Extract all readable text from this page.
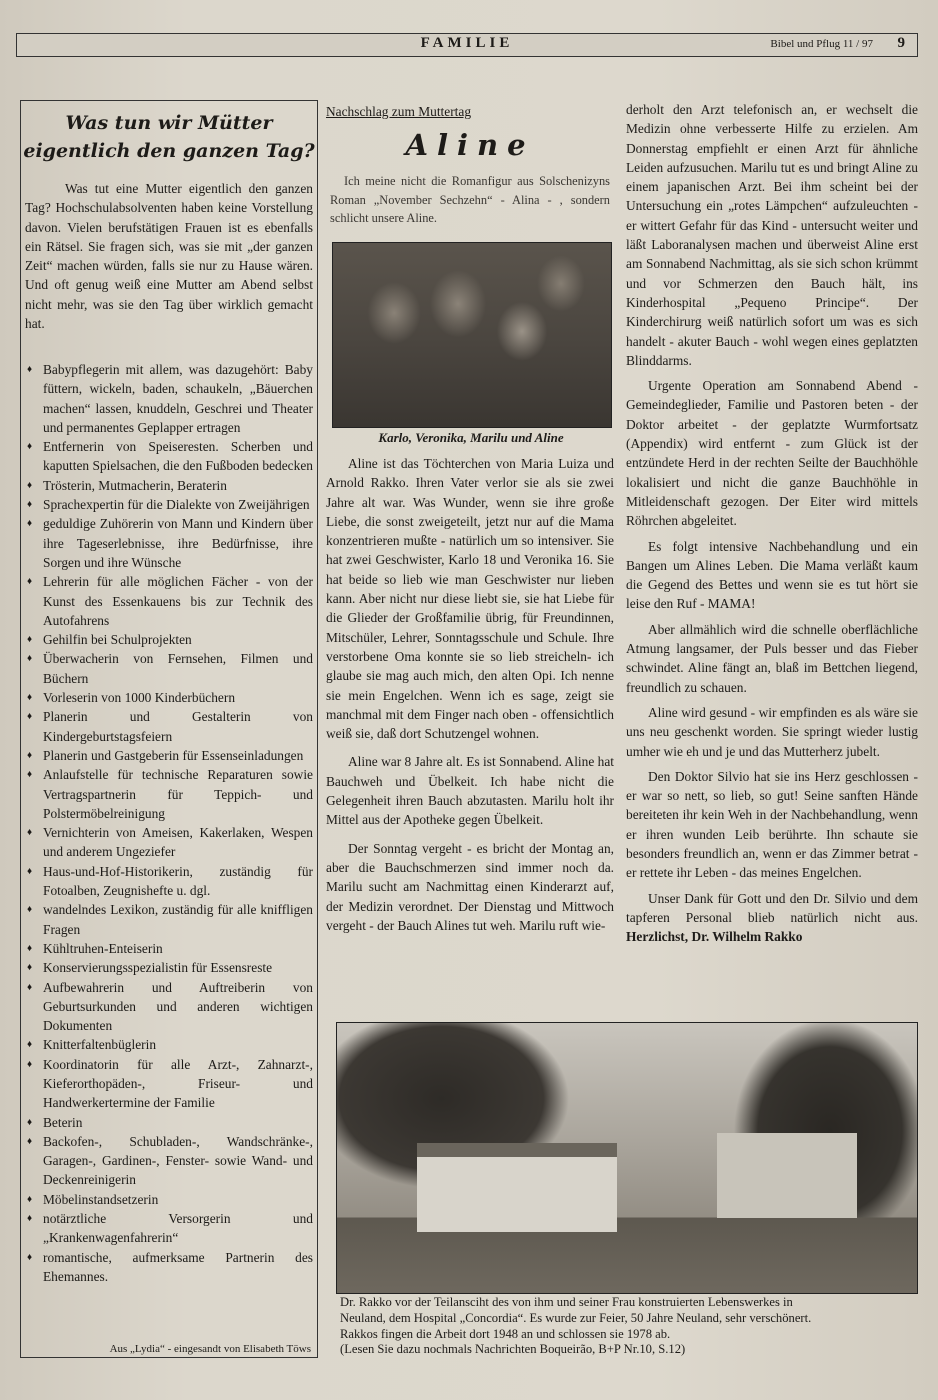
FAMILIE	Bibel und Pflug 11 / 97 9
Was tun wir Mütter
eigentlich den ganzen Tag?

Was tut eine Mutter eigentlich den ganzen Tag? Hochschulabsolventen haben keine Vorstellung davon. Vielen berufstätigen Frauen ist es ebenfalls ein Rätsel. Sie fragen sich, was sie mit „der ganzen Zeit“ machen würden, falls sie nur zu Hause wären. Und oft genug weiß eine Mutter am Abend selbst nicht mehr, was sie den Tag über wirklich gemacht hat.

♦ Babypflegerin mit allem, was dazugehört: Baby füttern, wickeln, baden, schaukeln, „Bäuerchen machen“ lassen, knuddeln, Geschrei und Theater und permanentes Geplapper ertragen
♦ Entfernerin von Speiseresten. Scherben und kaputten Spielsachen, die den Fußboden bedecken
♦ Trösterin, Mutmacherin, Beraterin
♦ Sprachexpertin für die Dialekte von Zweijährigen
♦ geduldige Zuhörerin von Mann und Kindern über ihre Tageserlebnisse, ihre Bedürfnisse, ihre Sorgen und ihre Wünsche
♦ Lehrerin für alle möglichen Fächer - von der Kunst des Essenkauens bis zur Technik des Autofahrens
♦ Gehilfin bei Schulprojekten
♦ Überwacherin von Fernsehen, Filmen und Büchern
♦ Vorleserin von 1000 Kinderbüchern
♦ Planerin und Gestalterin von Kindergeburtstagsfeiern
♦ Planerin und Gastgeberin für Essenseinladungen
♦ Anlaufstelle für technische Reparaturen sowie Vertragspartnerin für Teppich- und Polstermöbelreinigung
♦ Vernichterin von Ameisen, Kakerlaken, Wespen und anderem Ungeziefer
♦ Haus-und-Hof-Historikerin, zuständig für Fotoalben, Zeugnishefte u. dgl.
♦ wandelndes Lexikon, zuständig für alle kniffligen Fragen
♦ Kühltruhen-Enteiserin
♦ Konservierungsspezialistin für Essensreste
♦ Aufbewahrerin und Auftreiberin von Geburtsurkunden und anderen wichtigen Dokumenten
♦ Knitterfaltenbüglerin
♦ Koordinatorin für alle Arzt-, Zahnarzt-, Kieferorthopäden-, Friseur- und Handwerkertermine der Familie
♦ Beterin
♦ Backofen-, Schubladen-, Wandschränke-, Garagen-, Gardinen-, Fenster- sowie Wand- und Deckenreinigerin
♦ Möbelinstandsetzerin
♦ notärztliche Versorgerin und „Krankenwagenfahrerin“
♦ romantische, aufmerksame Partnerin des Ehemannes.
Aus „Lydia“ - eingesandt von Elisabeth Töws
Nachschlag zum Muttertag
Aline
Ich meine nicht die Romanfigur aus Solschenizyns Roman „November Sechzehn“ - Alina - , sondern schlicht unsere Aline.
Karlo, Veronika, Marilu und Aline

Aline ist das Töchterchen von Maria Luiza und Arnold Rakko. Ihren Vater verlor sie als sie zwei Jahre alt war. Was Wunder, wenn sie ihre große Liebe, die sonst zweigeteilt, jetzt nur auf die Mama konzentrieren mußte - natürlich um so intensiver. Sie hat zwei Geschwister, Karlo 18 und Veronika 16. Sie hat beide so lieb wie man Geschwister nur lieben kann. Aber nicht nur diese liebt sie, sie hat Liebe für die Glieder der Großfamilie übrig, für Freundinnen, Mitschüler, Lehrer, Sonntagsschule und Schule. Ihre verstorbene Oma konnte sie so lieb streicheln- ich glaube sie mag auch mich, den alten Opi. Ich nenne sie mein Engelchen. Wenn ich es sage, zeigt sie manchmal mit dem Finger nach oben - offensichtlich weiß sie, daß dort Schutzengel wohnen.

Aline war 8 Jahre alt. Es ist Sonnabend. Aline hat Bauchweh und Übelkeit. Ich habe nicht die Gelegenheit ihren Bauch abzutasten. Marilu holt ihr Mittel aus der Apotheke gegen Übelkeit.

Der Sonntag vergeht - es bricht der Montag an, aber die Bauchschmerzen sind immer noch da. Marilu sucht am Nachmittag einen Kinderarzt auf, der Medizin verordnet. Der Dienstag und Mittwoch vergeht - der Bauch Alines tut weh. Marilu ruft wie-

derholt den Arzt telefonisch an, er wechselt die Medizin ohne verbesserte Hilfe zu erzielen. Am Donnerstag empfiehlt er einen Arzt für ähnliche Leiden aufzusuchen. Marilu tut es und bringt Aline zu einem japanischen Arzt. Bei ihm scheint bei der Untersuchung ein „rotes Lämpchen“ aufzuleuchten - er wittert Gefahr für das Kind - untersucht weiter und läßt Laboranalysen machen und überweist Aline erst am Sonnabend Nachmittag, als sie sich schon krümmt und vor Schmerzen den Bauch hält, ins Kinderhospital „Pequeno Principe“. Der Kinderchirurg weiß natürlich sofort um was es sich handelt - akuter Bauch - wohl wegen eines geplatzten Blinddarms.

Urgente Operation am Sonnabend Abend - Gemeindeglieder, Familie und Pastoren beten - der Doktor arbeitet - der geplatzte Wurmfortsatz (Appendix) wird entfernt - zum Glück ist der entzündete Herd in der rechten Seilte der Bauchhöhle lokalisiert und nicht die ganze Bauchhöhle in Mitleidenschaft gezogen. Der Eiter wird mittels Röhrchen abgeleitet.

Es folgt intensive Nachbehandlung und ein Bangen um Alines Leben. Die Mama verläßt kaum die Gegend des Bettes und wenn sie es tut hört sie leise den Ruf - MAMA!

Aber allmählich wird die schnelle oberflächliche Atmung langsamer, der Puls besser und das Fieber schwindet. Aline fängt an, blaß im Bettchen liegend, freundlich zu schauen.

Aline wird gesund - wir empfinden es als wäre sie uns neu geschenkt worden. Sie springt wieder lustig umher wie eh und je und das Mutterherz jubelt.

Den Doktor Silvio hat sie ins Herz geschlossen - er war so nett, so lieb, so gut! Seine sanften Hände bereiteten ihr kein Weh in der Nachbehandlung, wenn er ihren wunden Leib berührte. Ihn schaute sie besonders freundlich an, wenn er das Zimmer betrat - er rettete ihr Leben - das meines Engelchen.

Unser Dank für Gott und den Dr. Silvio und dem tapferen Personal blieb natürlich nicht aus. Herzlichst, Dr. Wilhelm Rakko

Dr. Rakko vor der Teilansciht des von ihm und seiner Frau konstruierten Lebenswerkes in
Neuland, dem Hospital „Concordia“. Es wurde zur Feier, 50 Jahre Neuland, sehr verschönert.
Rakkos fingen die Arbeit dort 1948 an und schlossen sie 1978 ab.
(Lesen Sie dazu nochmals Nachrichten Boqueirão, B+P Nr.10, S.12)
